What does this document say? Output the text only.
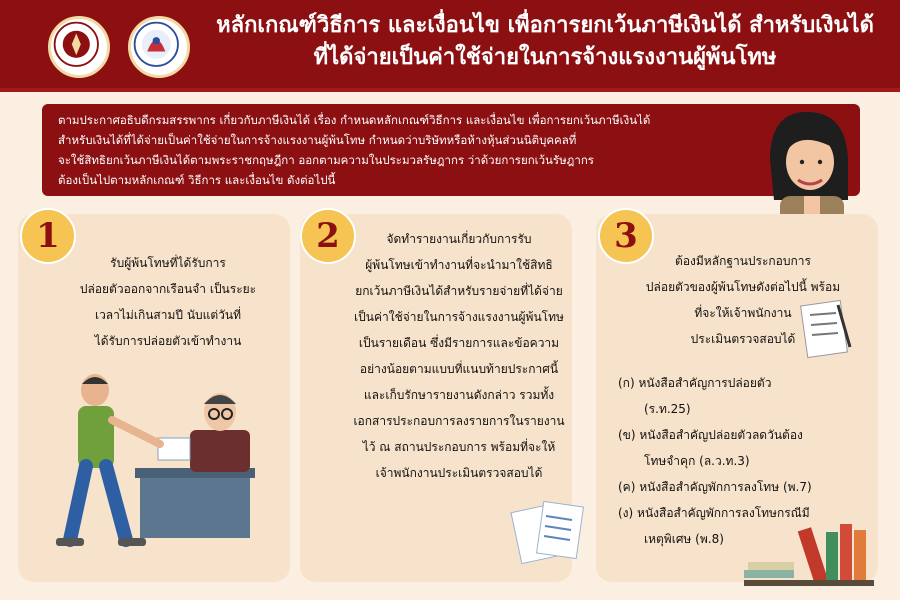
หลักเกณฑ์วิธีการ และเงื่อนไข เพื่อการยกเว้นภาษีเงินได้ สำหรับเงินได้
ที่ได้จ่ายเป็นค่าใช้จ่ายในการจ้างแรงงานผู้พ้นโทษ
ตามประกาศอธิบดีกรมสรรพากร เกี่ยวกับภาษีเงินได้ เรื่อง กำหนดหลักเกณฑ์วิธีการ และเงื่อนไข เพื่อการยกเว้นภาษีเงินได้
สำหรับเงินได้ที่ได้จ่ายเป็นค่าใช้จ่ายในการจ้างแรงงานผู้พ้นโทษ กำหนดว่าบริษัทหรือห้างหุ้นส่วนนิติบุคคลที่
จะใช้สิทธิยกเว้นภาษีเงินได้ตามพระราชกฤษฎีกา ออกตามความในประมวลรัษฎากร ว่าด้วยการยกเว้นรัษฎากร
ต้องเป็นไปตามหลักเกณฑ์ วิธีการ และเงื่อนไข ดังต่อไปนี้
1	2	3
รับผู้พ้นโทษที่ได้รับการ
ปล่อยตัวออกจากเรือนจำ เป็นระยะ
เวลาไม่เกินสามปี นับแต่วันที่
ได้รับการปล่อยตัวเข้าทำงาน
จัดทำรายงานเกี่ยวกับการรับ
ผู้พ้นโทษเข้าทำงานที่จะนำมาใช้สิทธิ
ยกเว้นภาษีเงินได้สำหรับรายจ่ายที่ได้จ่าย
เป็นค่าใช้จ่ายในการจ้างแรงงานผู้พ้นโทษ
เป็นรายเดือน ซึ่งมีรายการและข้อความ
อย่างน้อยตามแบบที่แนบท้ายประกาศนี้
และเก็บรักษารายงานดังกล่าว รวมทั้ง
เอกสารประกอบการลงรายการในรายงาน
ไว้ ณ สถานประกอบการ พร้อมที่จะให้
เจ้าพนักงานประเมินตรวจสอบได้
ต้องมีหลักฐานประกอบการ
ปล่อยตัวของผู้พ้นโทษดังต่อไปนี้ พร้อม
ที่จะให้เจ้าพนักงาน
ประเมินตรวจสอบได้
(ก) หนังสือสำคัญการปล่อยตัว
(ร.ท.25)
(ข) หนังสือสำคัญปล่อยตัวลดวันต้อง
โทษจำคุก (ล.ว.ท.3)
(ค) หนังสือสำคัญพักการลงโทษ (พ.7)
(ง) หนังสือสำคัญพักการลงโทษกรณีมี
เหตุพิเศษ (พ.8)
